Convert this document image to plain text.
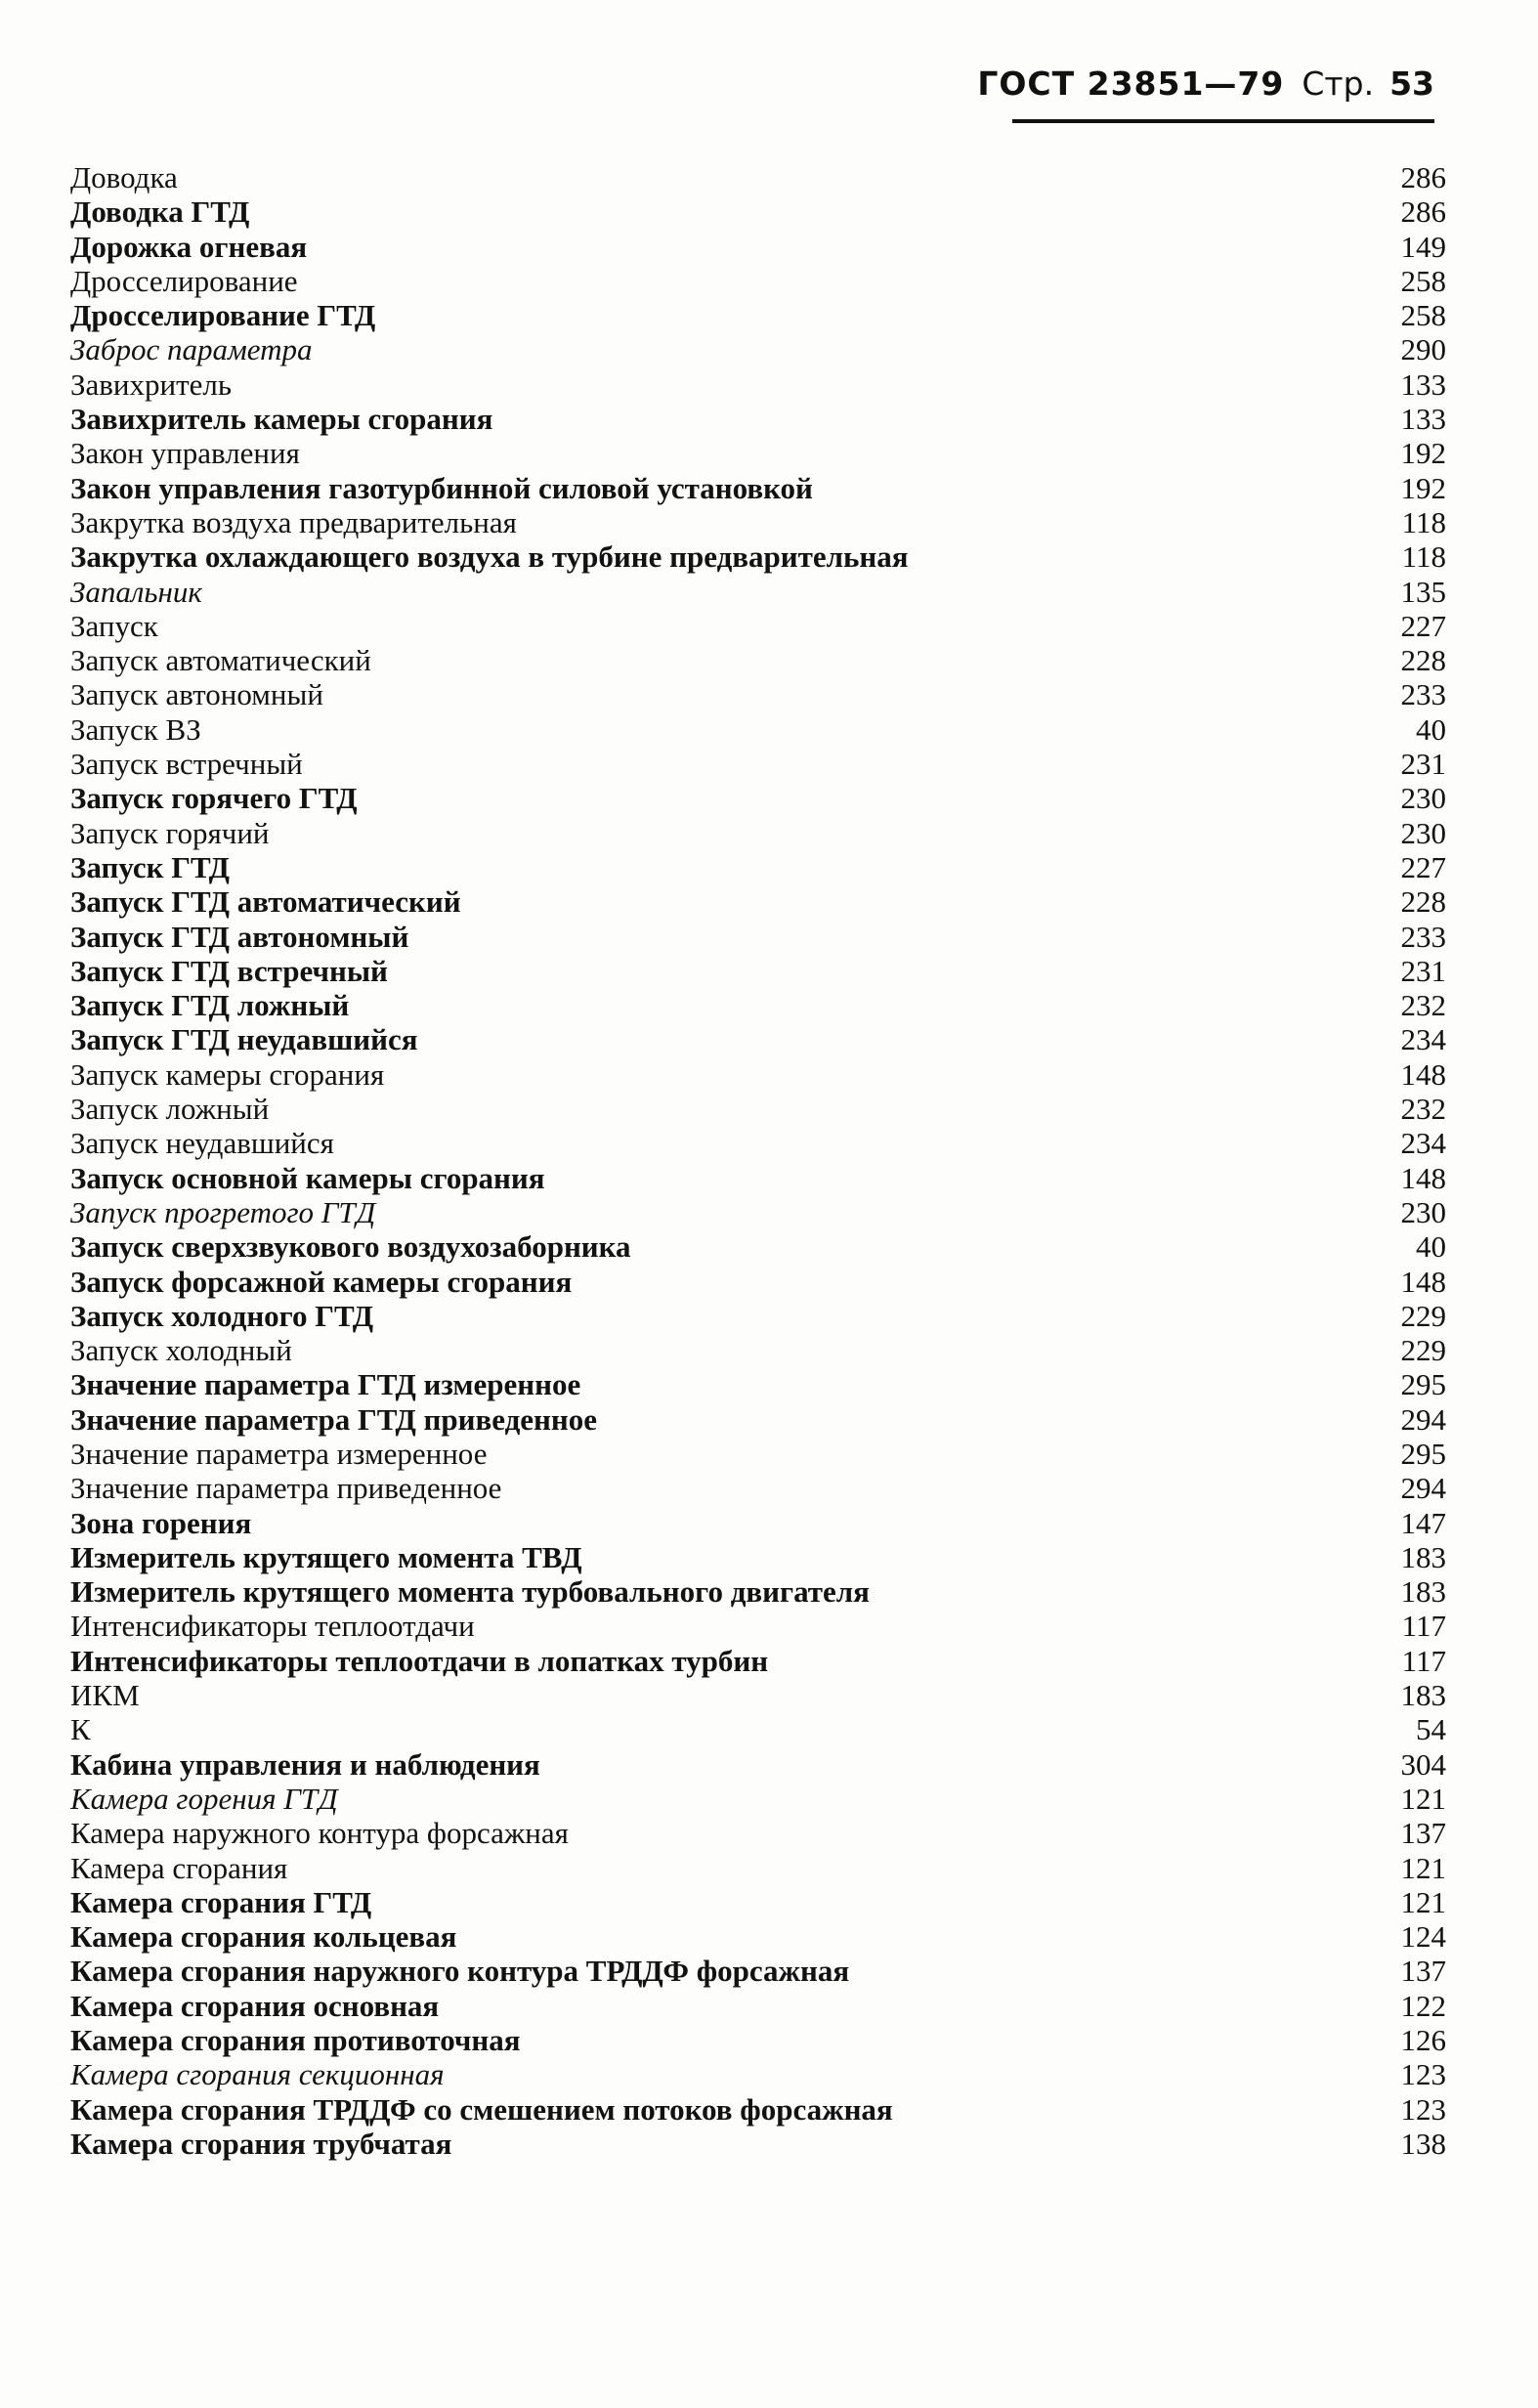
ГОСТ 23851—79 Стр. 53
Доводка	286
Доводка ГТД	286
Дорожка огневая	149
Дросселирование	258
Дросселирование ГТД	258
Заброс параметра	290
Завихритель	133
Завихритель камеры сгорания	133
Закон управления	192
Закон управления газотурбинной силовой установкой	192
Закрутка воздуха предварительная	118
Закрутка охлаждающего воздуха в турбине предварительная	118
Запальник	135
Запуск	227
Запуск автоматический	228
Запуск автономный	233
Запуск ВЗ	40
Запуск встречный	231
Запуск горячего ГТД	230
Запуск горячий	230
Запуск ГТД	227
Запуск ГТД автоматический	228
Запуск ГТД автономный	233
Запуск ГТД встречный	231
Запуск ГТД ложный	232
Запуск ГТД неудавшийся	234
Запуск камеры сгорания	148
Запуск ложный	232
Запуск неудавшийся	234
Запуск основной камеры сгорания	148
Запуск прогретого ГТД	230
Запуск сверхзвукового воздухозаборника	40
Запуск форсажной камеры сгорания	148
Запуск холодного ГТД	229
Запуск холодный	229
Значение параметра ГТД измеренное	295
Значение параметра ГТД приведенное	294
Значение параметра измеренное	295
Значение параметра приведенное	294
Зона горения	147
Измеритель крутящего момента ТВД	183
Измеритель крутящего момента турбовального двигателя	183
Интенсификаторы теплоотдачи	117
Интенсификаторы теплоотдачи в лопатках турбин	117
ИКМ	183
К	54
Кабина управления и наблюдения	304
Камера горения ГТД	121
Камера наружного контура форсажная	137
Камера сгорания	121
Камера сгорания ГТД	121
Камера сгорания кольцевая	124
Камера сгорания наружного контура ТРДДФ форсажная	137
Камера сгорания основная	122
Камера сгорания противоточная	126
Камера сгорания секционная	123
Камера сгорания ТРДДФ со смешением потоков форсажная	123
Камера сгорания трубчатая	138
